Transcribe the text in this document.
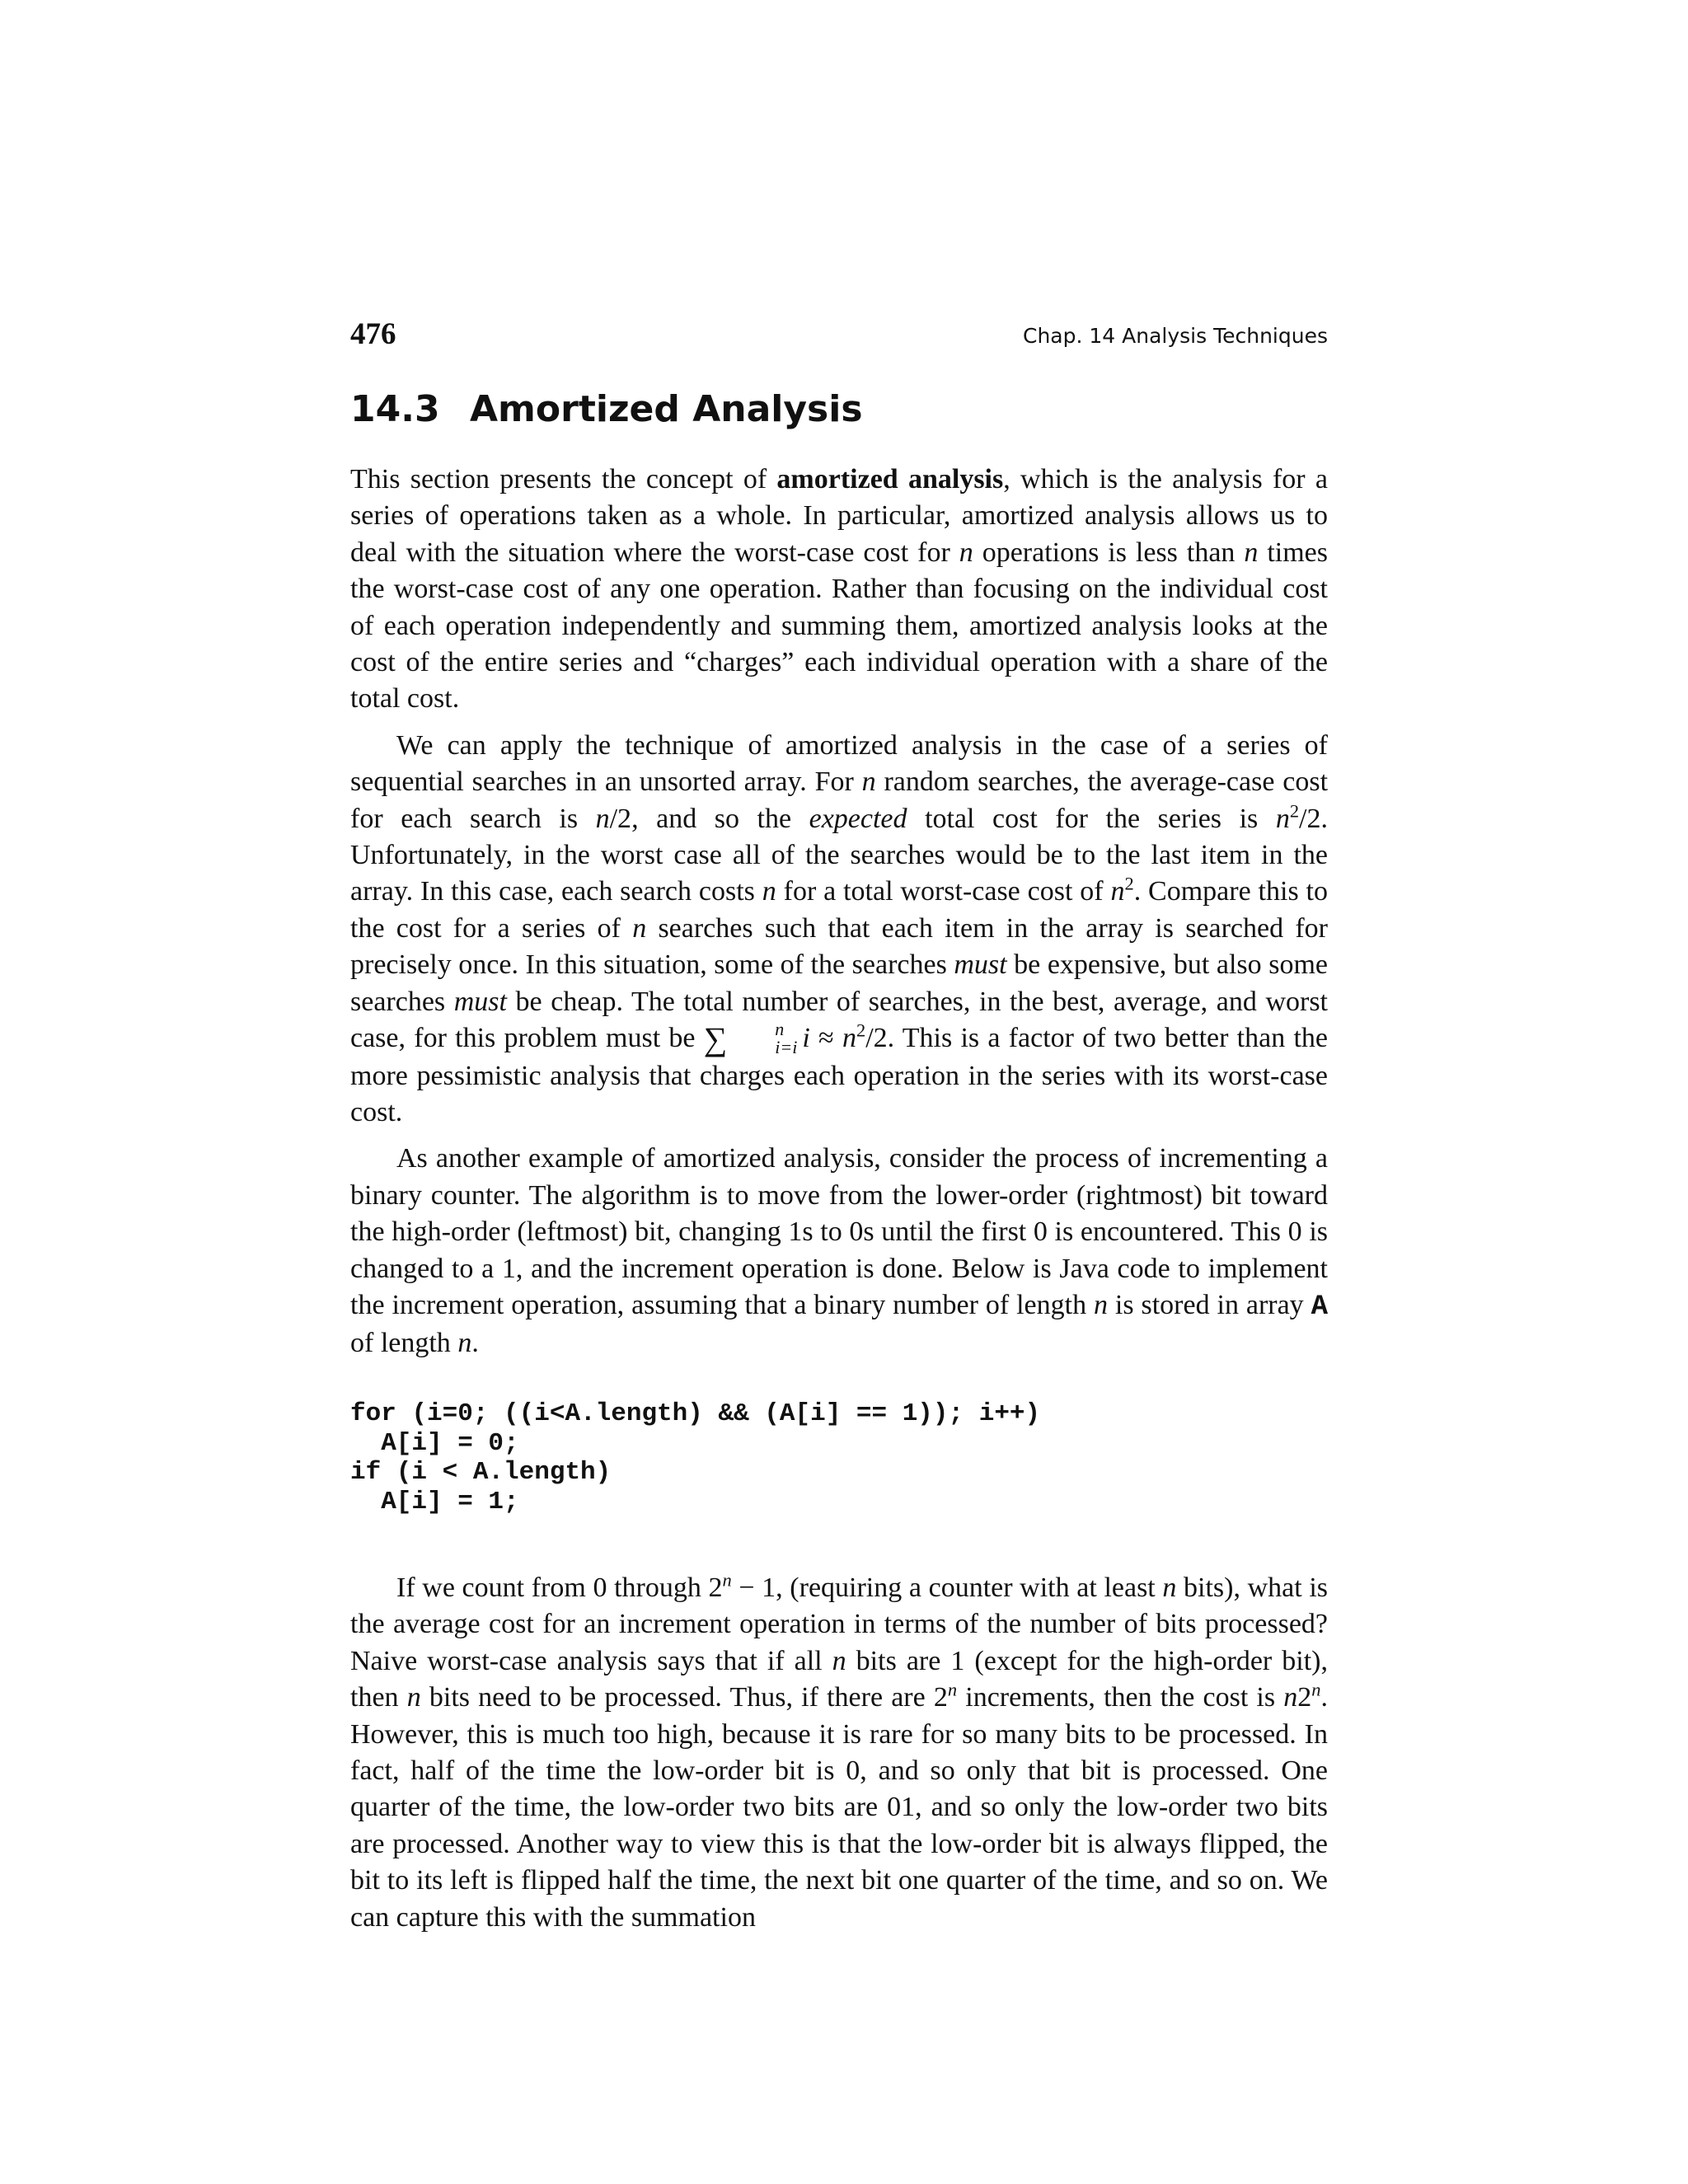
476	Chap. 14 Analysis Techniques
14.3 Amortized Analysis

This section presents the concept of amortized analysis, which is the analysis for a series of operations taken as a whole. In particular, amortized analysis allows us to deal with the situation where the worst-case cost for n operations is less than n times the worst-case cost of any one operation. Rather than focusing on the individual cost of each operation independently and summing them, amortized analysis looks at the cost of the entire series and “charges” each individual operation with a share of the total cost.

We can apply the technique of amortized analysis in the case of a series of sequential searches in an unsorted array. For n random searches, the average-case cost for each search is n/2, and so the expected total cost for the series is $n^2/2$. Unfortunately, in the worst case all of the searches would be to the last item in the array. In this case, each search costs n for a total worst-case cost of $n^2$. Compare this to the cost for a series of n searches such that each item in the array is searched for precisely once. In this situation, some of the searches must be expensive, but also some searches must be cheap. The total number of searches, in the best, average, and worst case, for this problem must be ∑	n
i=i $i \approx n^2/2$. This is a factor of two better than the more pessimistic analysis that charges each operation in the series with its worst-case cost.

As another example of amortized analysis, consider the process of incrementing a binary counter. The algorithm is to move from the lower-order (rightmost) bit toward the high-order (leftmost) bit, changing 1s to 0s until the first 0 is encountered. This 0 is changed to a 1, and the increment operation is done. Below is Java code to implement the increment operation, assuming that a binary number of length n is stored in array A of length n.

for (i=0; ((i<A.length) && (A[i] == 1)); i++)
A[i] = 0;
if (i < A.length)
A[i] = 1;

If we count from 0 through $2^n - 1$, (requiring a counter with at least n bits), what is the average cost for an increment operation in terms of the number of bits processed? Naive worst-case analysis says that if all n bits are 1 (except for the high-order bit), then n bits need to be processed. Thus, if there are 2$^n$ increments, then the cost is n2$^n$. However, this is much too high, because it is rare for so many bits to be processed. In fact, half of the time the low-order bit is 0, and so only that bit is processed. One quarter of the time, the low-order two bits are 01, and so only the low-order two bits are processed. Another way to view this is that the low-order bit is always flipped, the bit to its left is flipped half the time, the next bit one quarter of the time, and so on. We can capture this with the summation
